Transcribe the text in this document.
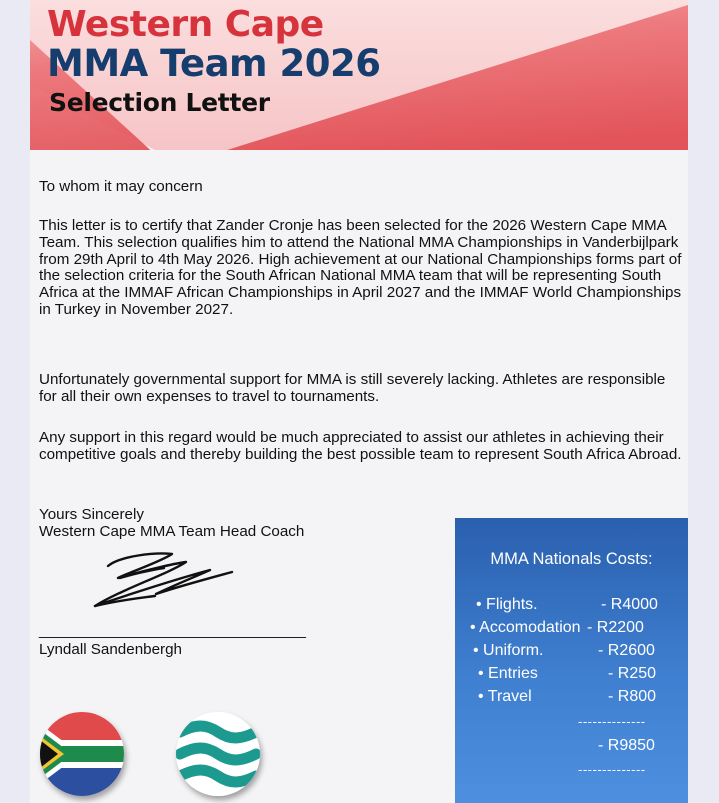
Western Cape
MMA Team 2026
Selection Letter
To whom it may concern
This letter is to certify that Zander Cronje has been selected for the 2026 Western Cape MMA Team. This selection qualifies him to attend the National MMA Championships in Vanderbijlpark from 29th April to 4th May 2026. High achievement at our National Championships forms part of the selection criteria for the South African National MMA team that will be representing South Africa at the IMMAF African Championships in April 2027 and the IMMAF World Championships in Turkey in November 2027.
Unfortunately governmental support for MMA is still severely lacking. Athletes are responsible for all their own expenses to travel to tournaments.
Any support in this regard would be much appreciated to assist our athletes in achieving their competitive goals and thereby building the best possible team to represent South Africa Abroad.
Yours Sincerely
Western Cape MMA Team Head Coach
________________________________
Lyndall Sandenbergh
MMA Nationals Costs:
• Flights.	- R4000
• Accomodation - R2200
• Uniform.	- R2600
• Entries	- R250
• Travel	- R800
--------------
- R9850
--------------
